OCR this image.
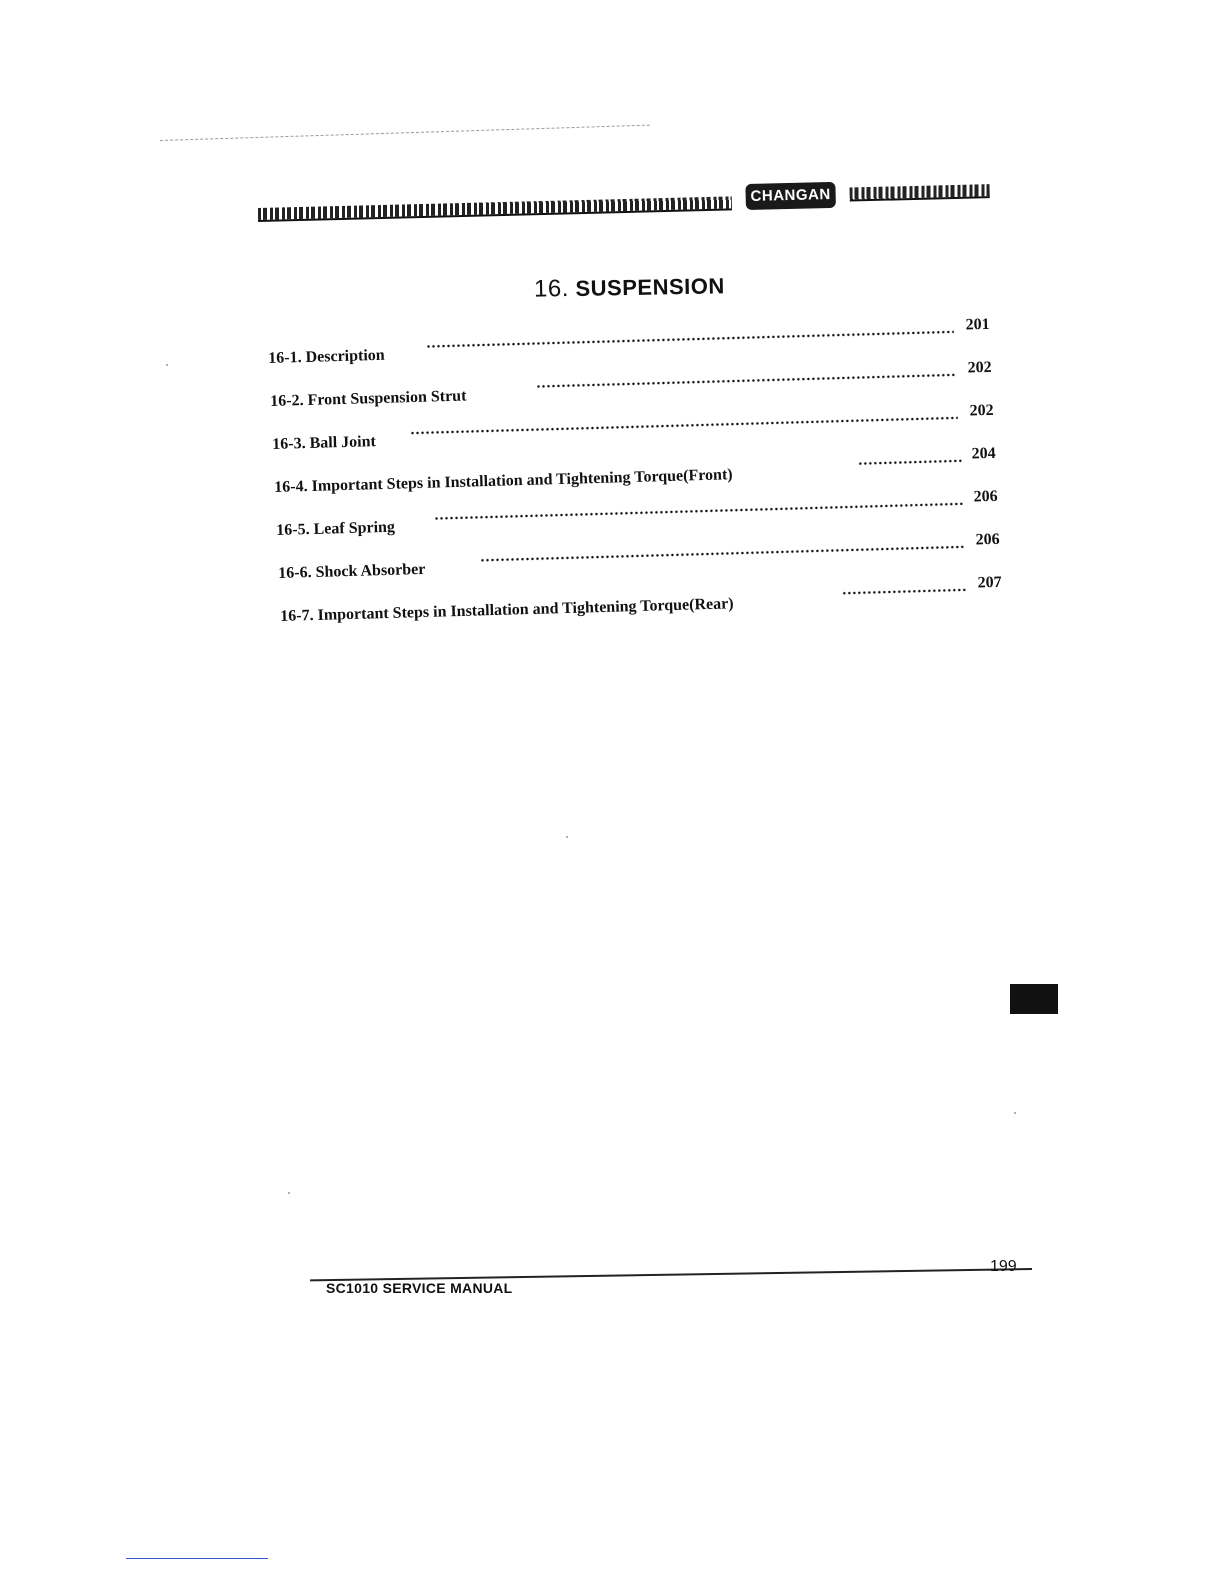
CHANGAN
16. SUSPENSION
16-1. Description
201
16-2. Front Suspension Strut
202
16-3. Ball Joint
202
16-4. Important Steps in Installation and Tightening Torque(Front)
204
16-5. Leaf Spring
206
16-6. Shock Absorber
206
16-7. Important Steps in Installation and Tightening Torque(Rear)
207
SC1010 SERVICE MANUAL
199
